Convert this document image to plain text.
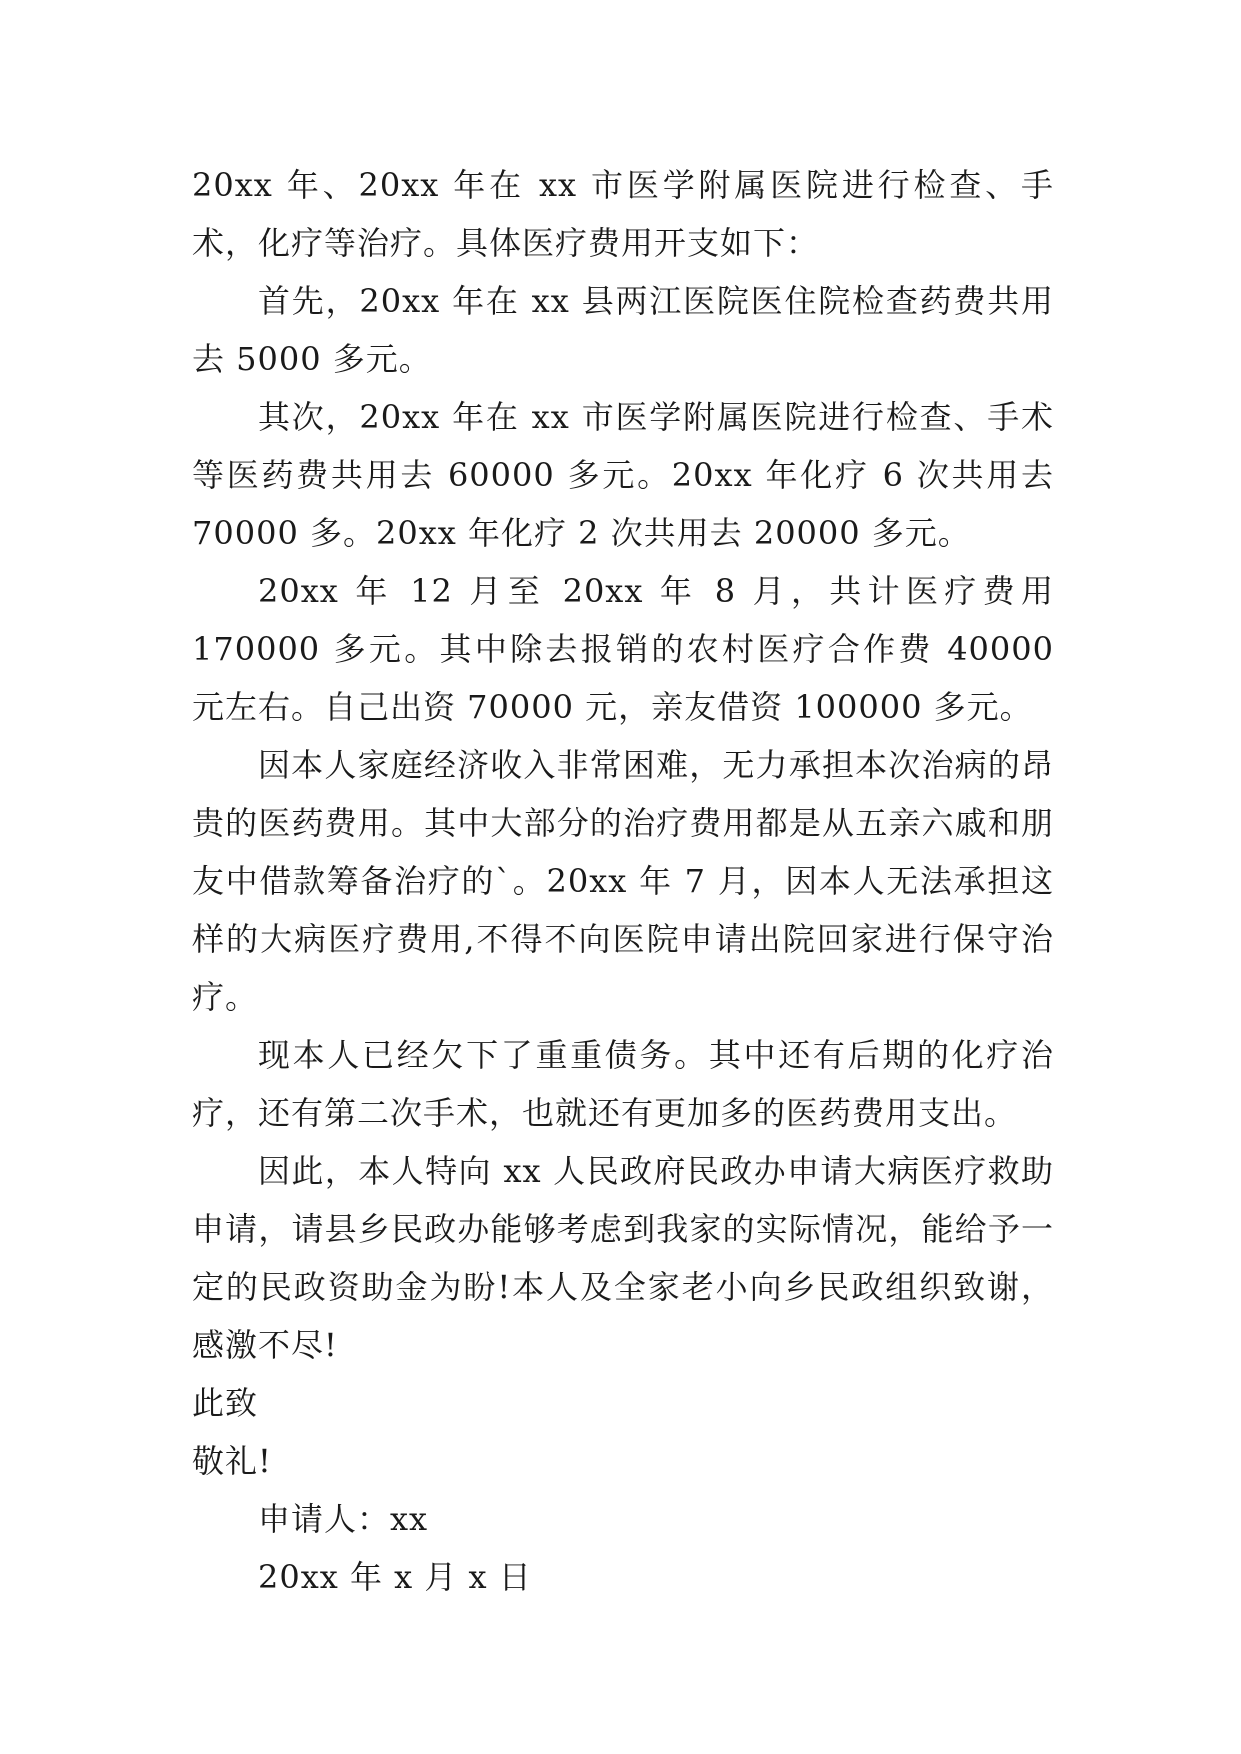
20xx 年、20xx 年在 xx 市医学附属医院进行检查、手术，化疗等治疗。具体医疗费用开支如下：

首先，20xx 年在 xx 县两江医院医住院检查药费共用去 5000 多元。

其次，20xx 年在 xx 市医学附属医院进行检查、手术等医药费共用去 60000 多元。20xx 年化疗 6 次共用去 70000 多。20xx 年化疗 2 次共用去 20000 多元。

20xx 年 12 月至 20xx 年 8 月，共计医疗费用 170000 多元。其中除去报销的农村医疗合作费 40000 元左右。自己出资 70000 元，亲友借资 100000 多元。

因本人家庭经济收入非常困难，无力承担本次治病的昂贵的医药费用。其中大部分的治疗费用都是从五亲六戚和朋友中借款筹备治疗的`。20xx 年 7 月，因本人无法承担这样的大病医疗费用,不得不向医院申请出院回家进行保守治疗。

现本人已经欠下了重重债务。其中还有后期的化疗治疗，还有第二次手术，也就还有更加多的医药费用支出。

因此，本人特向 xx 人民政府民政办申请大病医疗救助申请，请县乡民政办能够考虑到我家的实际情况，能给予一定的民政资助金为盼!本人及全家老小向乡民政组织致谢，感激不尽!

此致

敬礼!

申请人：xx

20xx 年 x 月 x 日
